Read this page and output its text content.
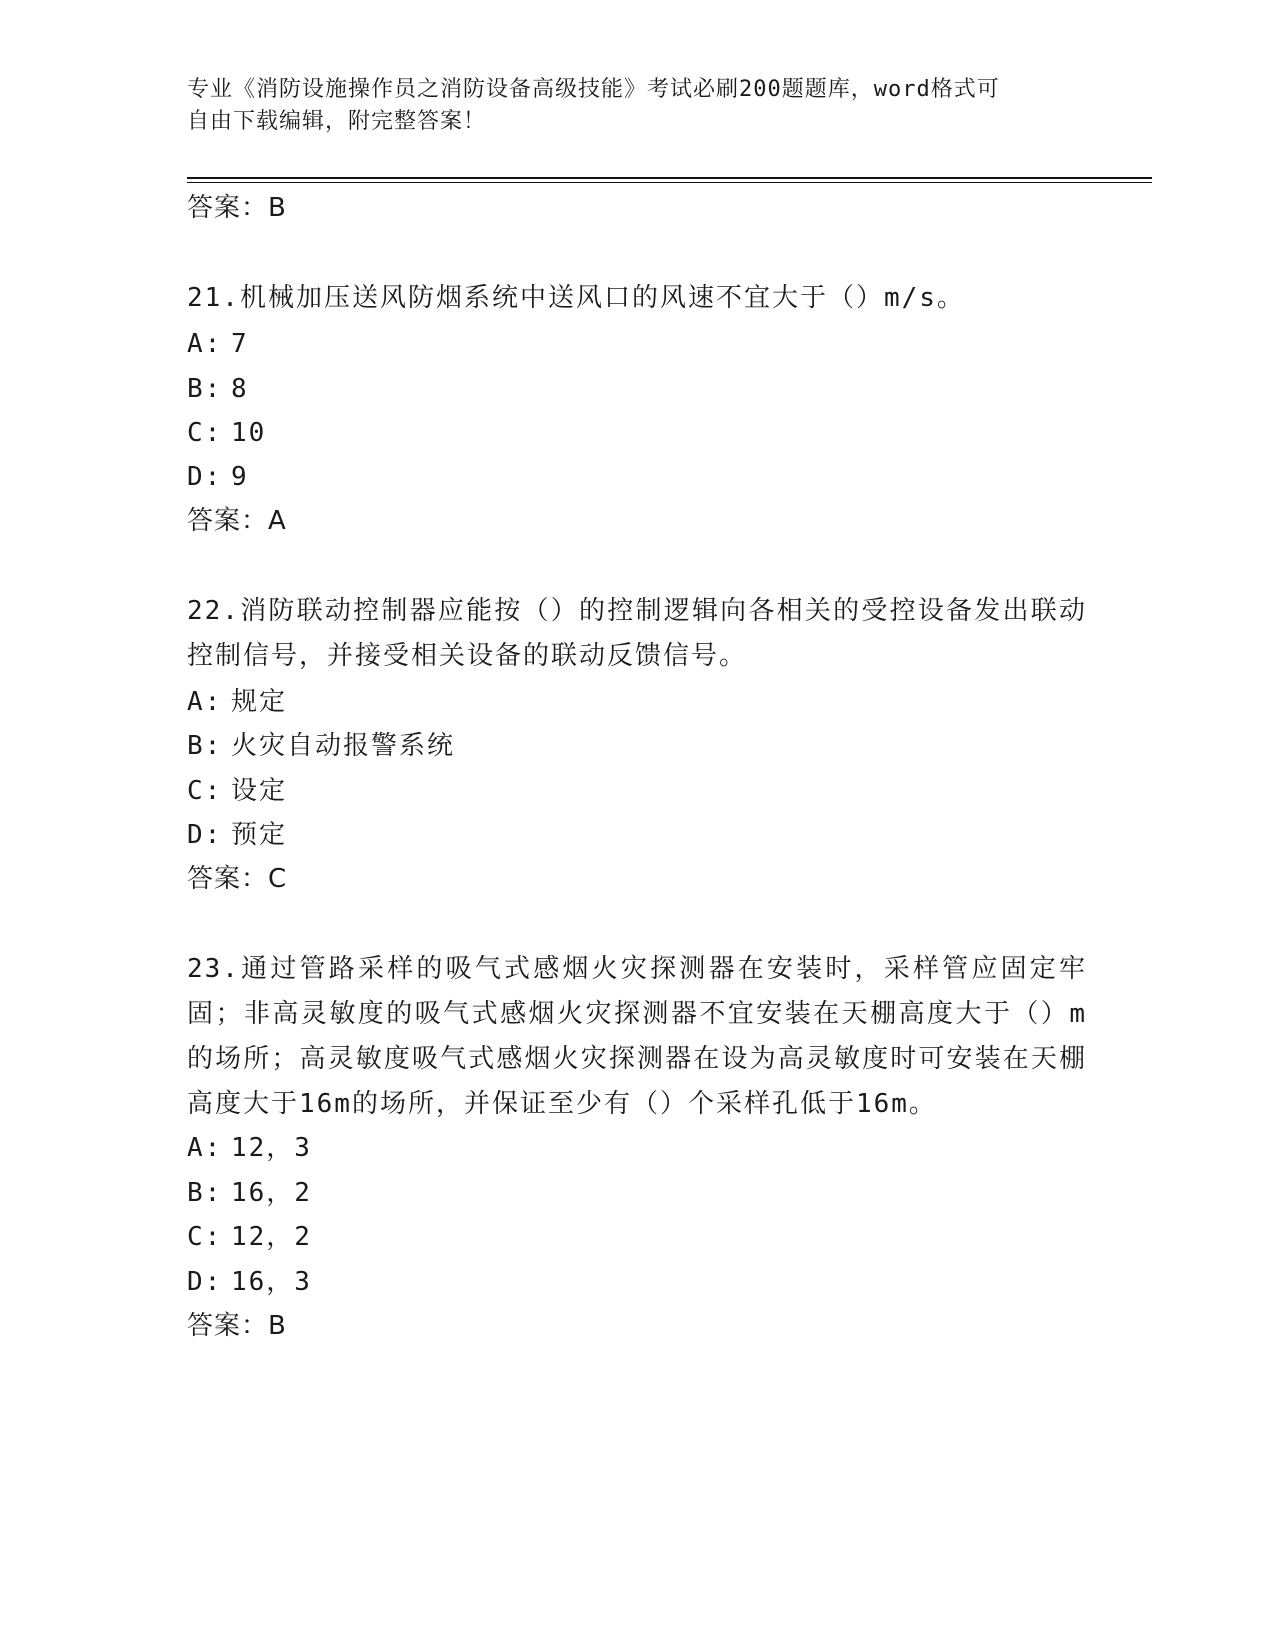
专业《消防设施操作员之消防设备高级技能》考试必刷200题题库，word格式可
自由下载编辑，附完整答案！
答案：B
21.机械加压送风防烟系统中送风口的风速不宜大于（）m/s。
A: 7
B: 8
C: 10
D: 9
答案：A
22.消防联动控制器应能按（）的控制逻辑向各相关的受控设备发出联动控制信号，并接受相关设备的联动反馈信号。
A: 规定
B: 火灾自动报警系统
C: 设定
D: 预定
答案：C
23.通过管路采样的吸气式感烟火灾探测器在安装时，采样管应固定牢固；非高灵敏度的吸气式感烟火灾探测器不宜安装在天棚高度大于（）m的场所；高灵敏度吸气式感烟火灾探测器在设为高灵敏度时可安装在天棚高度大于16m的场所，并保证至少有（）个采样孔低于16m。
A: 12，3
B: 16，2
C: 12，2
D: 16，3
答案：B
